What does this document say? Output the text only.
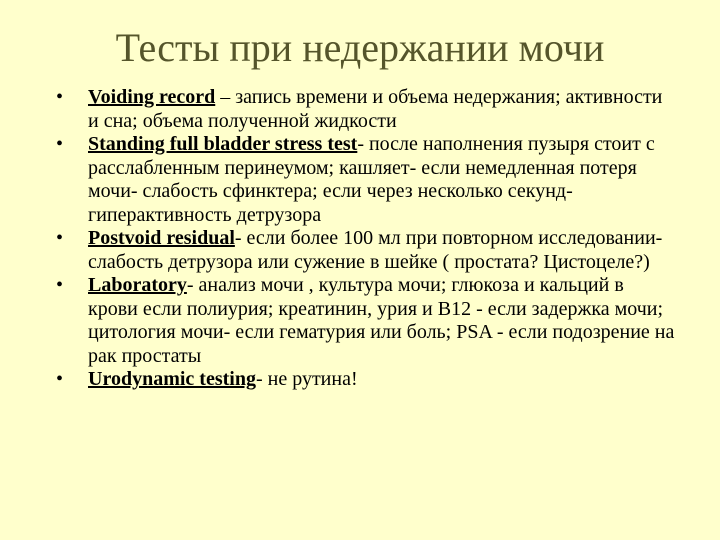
Тесты при недержании мочи
•	Voiding record – запись времени и объема недержания; активности и сна; объема полученной жидкости
•	Standing full bladder stress test- после наполнения пузыря стоит с расслабленным перинеумом; кашляет- если немедленная потеря мочи- слабость сфинктера; если через несколько секунд- гиперактивность детрузора
•	Postvoid residual- если более 100 мл при повторном исследовании- слабость детрузора или сужение в шейке ( простата? Цистоцеле?)
•	Laboratory- анализ мочи , культура мочи; глюкоза и кальций в крови если полиурия; креатинин, урия и В12 - если задержка мочи; цитология мочи- если гематурия или боль; PSA - если подозрение на рак простаты
•	Urodynamic testing- не рутина!
